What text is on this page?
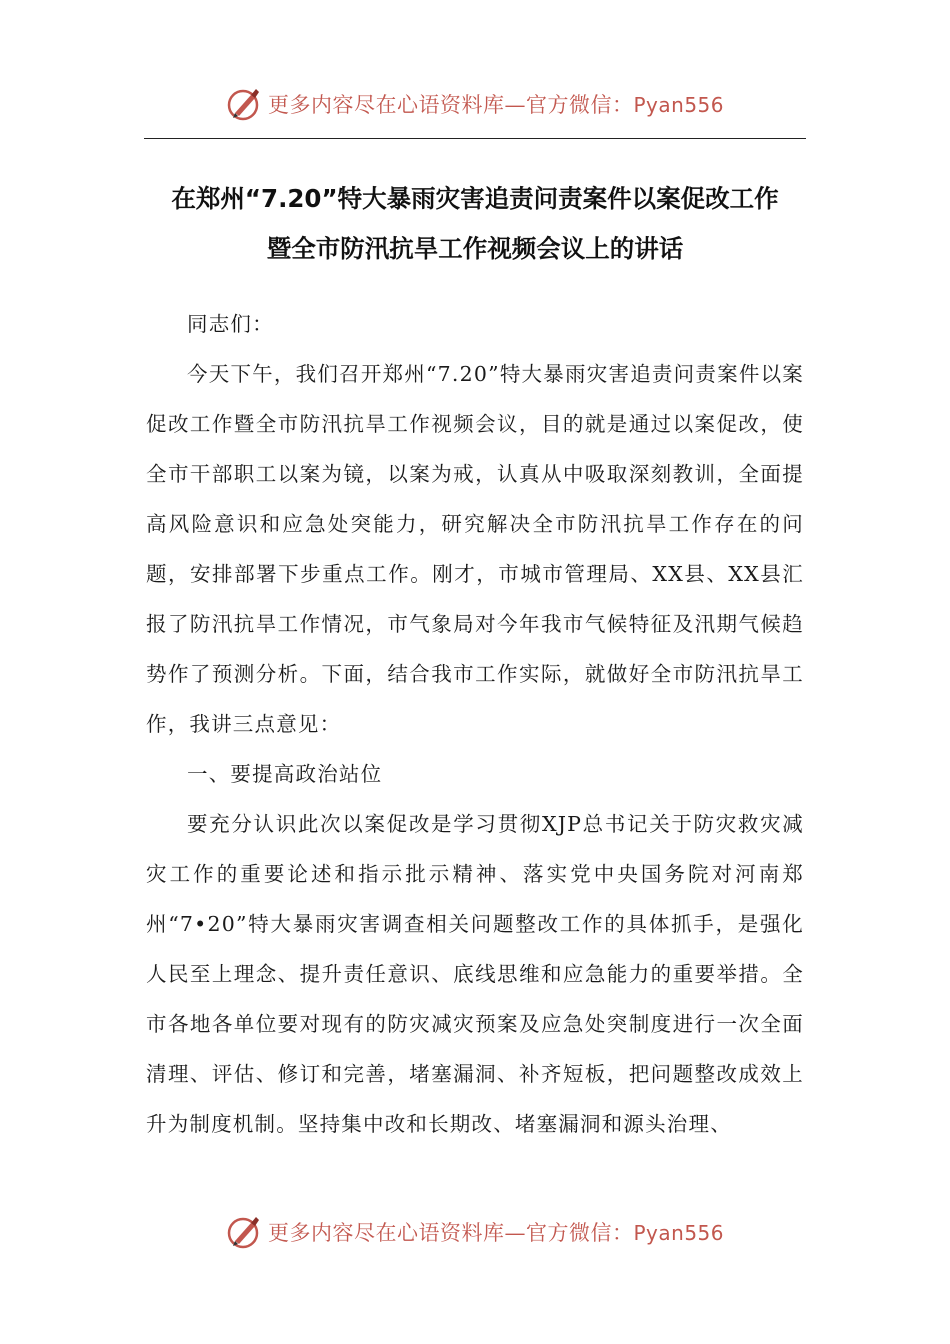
更多内容尽在心语资料库—官方微信：Pyan556
在郑州“7.20”特大暴雨灾害追责问责案件以案促改工作
暨全市防汛抗旱工作视频会议上的讲话

同志们：

今天下午，我们召开郑州“7.20”特大暴雨灾害追责问责案件以案促改工作暨全市防汛抗旱工作视频会议，目的就是通过以案促改，使全市干部职工以案为镜，以案为戒，认真从中吸取深刻教训，全面提高风险意识和应急处突能力，研究解决全市防汛抗旱工作存在的问题，安排部署下步重点工作。刚才，市城市管理局、XX县、XX县汇报了防汛抗旱工作情况，市气象局对今年我市气候特征及汛期气候趋势作了预测分析。下面，结合我市工作实际，就做好全市防汛抗旱工作，我讲三点意见：

一、要提高政治站位

要充分认识此次以案促改是学习贯彻XJP总书记关于防灾救灾减灾工作的重要论述和指示批示精神、落实党中央国务院对河南郑州“7•20”特大暴雨灾害调查相关问题整改工作的具体抓手，是强化人民至上理念、提升责任意识、底线思维和应急能力的重要举措。全市各地各单位要对现有的防灾减灾预案及应急处突制度进行一次全面清理、评估、修订和完善，堵塞漏洞、补齐短板，把问题整改成效上升为制度机制。坚持集中改和长期改、堵塞漏洞和源头治理、

更多内容尽在心语资料库—官方微信：Pyan556
